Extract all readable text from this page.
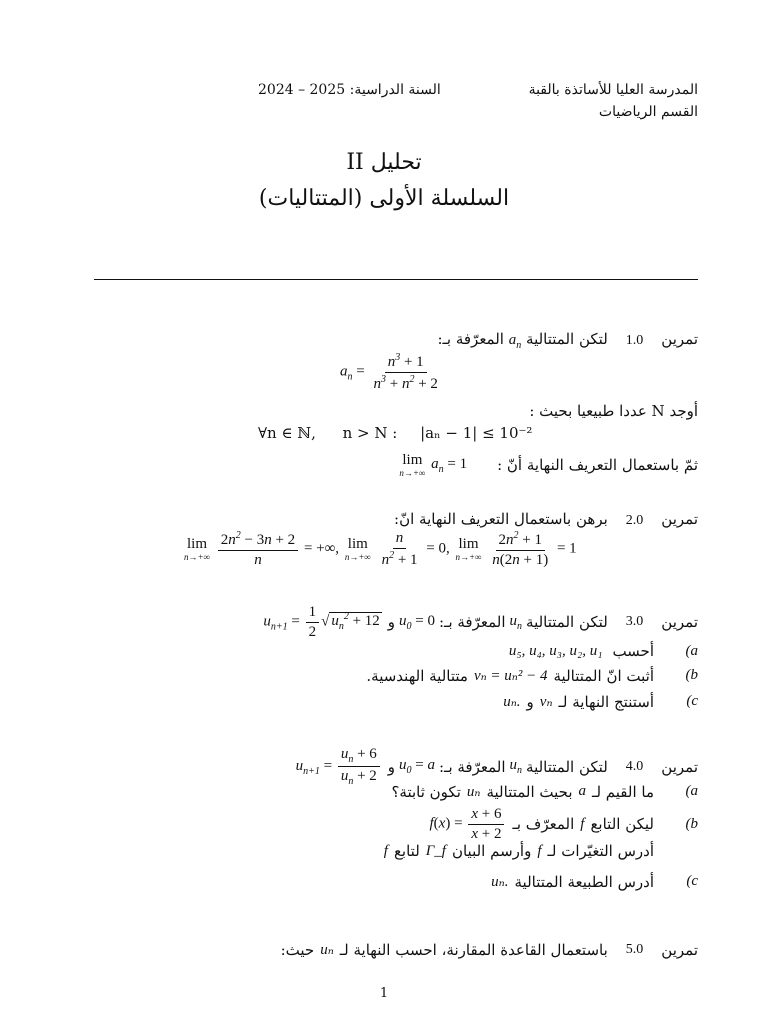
المدرسة العليا للأساتذة بالقبة
القسم الرياضيات
2024 – 2025 السنة الدراسية:
II تحليل
السلسلة الأولى (المتتاليات)
تمرين1.0لتكن المتتالية $a_n$ المعرّفة بـ:
$a_n = \frac{n^3 + 1}{n^3 + n^2 + 2}$
أوجد N عددا طبيعيا بحيث :
∀n ∈ ℕ, n > N : |aₙ − 1| ≤ 10⁻²
ثمّ باستعمال التعريف النهاية أنّ :
lim
n→+∞
$a_n = 1$
تمرين2.0برهن باستعمال التعريف النهاية انّ:
lim
n→+∞
$\frac{2n^2 - 3n + 2}{n}$ = +∞, lim
n→+∞
$\frac{n}{n^2 + 1} = 0$, lim
n→+∞
$\frac{2n^2 + 1}{n(2n + 1)} = 1$
تمرين
3.0
لتكن المتتالية
$u_n$
المعرّفة بـ:
$u_0 = 0$
و
$u_{n+1} = \frac{1}{2}$ √ $u_n^2 + 12$
(a
أحسب
u₅, u₄, u₃, u₂, u₁
(b
أثبت انّ المتتالية
vₙ = uₙ² − 4
متتالية الهندسية.
(c
أستنتج النهاية لـ
vₙ
و
uₙ.
تمرين
4.0
لتكن المتتالية
$u_n$
المعرّفة بـ:
$u_0 = a$
و
$u_{n+1} = \frac{u_n + 6}{u_n + 2}$
(a
ما القيم لـ
a
بحيث المتتالية
uₙ
تكون ثابتة؟
(b
ليكن التابع
f
المعرّف بـ
$f(x) = \frac{x + 6}{x + 2}$
أدرس التغيّرات لـ
f
وأرسم البيان
Γ_f
لتابع
f
(c
أدرس الطبيعة المتتالية
uₙ.
تمرين
5.0
باستعمال القاعدة المقارنة، احسب النهاية لـ
uₙ
حيث:
1
